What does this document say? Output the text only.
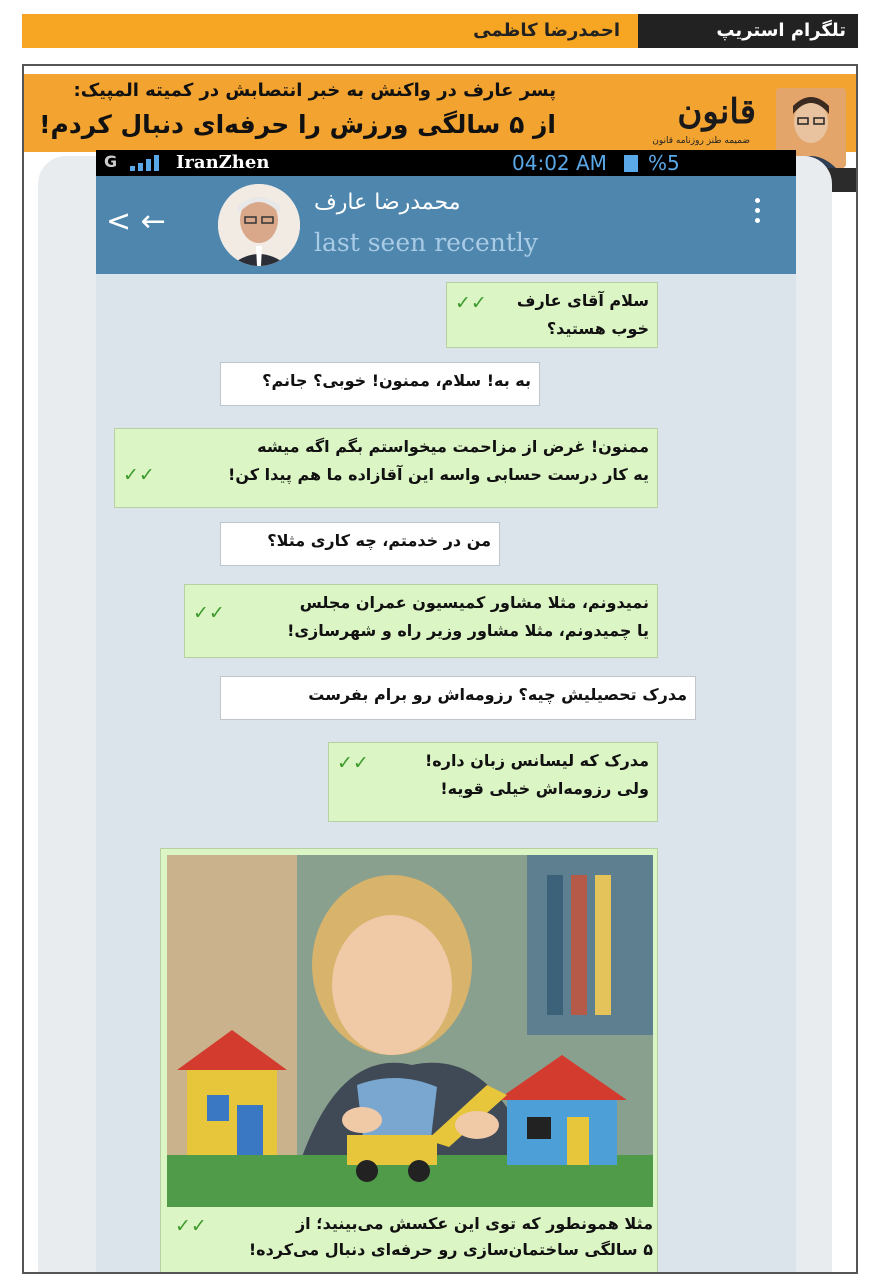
تلگرام استریپ
احمدرضا کاظمی
پسر عارف در واکنش به خبر انتصابش در کمیته المپیک:
از ۵ سالگی ورزش را حرفه‌ای دنبال کردم!	قانون
ضمیمه طنز روزنامه قانون
G	IranZhen	04:02 AM %5
< ←
محمدرضا عارف
last seen recently
✓✓	سلام آقای عارف
خوب هستید؟
به به! سلام، ممنون! خوبی؟ جانم؟
✓✓
ممنون! غرض از مزاحمت میخواستم بگم اگه میشه
یه کار درست حسابی واسه این آقازاده ما هم پیدا کن!
من در خدمتم، چه کاری مثلا؟
✓✓	نمیدونم، مثلا مشاور کمیسیون عمران مجلس
یا چمیدونم، مثلا مشاور وزیر راه و شهرسازی!
مدرک تحصیلیش چیه؟ رزومه‌اش رو برام بفرست
✓✓	مدرک که لیسانس زبان داره!
ولی رزومه‌اش خیلی قویه!
✓✓	مثلا همونطور که توی این عکسش می‌بینید؛ از
۵ سالگی ساختمان‌سازی رو حرفه‌ای دنبال می‌کرده!
